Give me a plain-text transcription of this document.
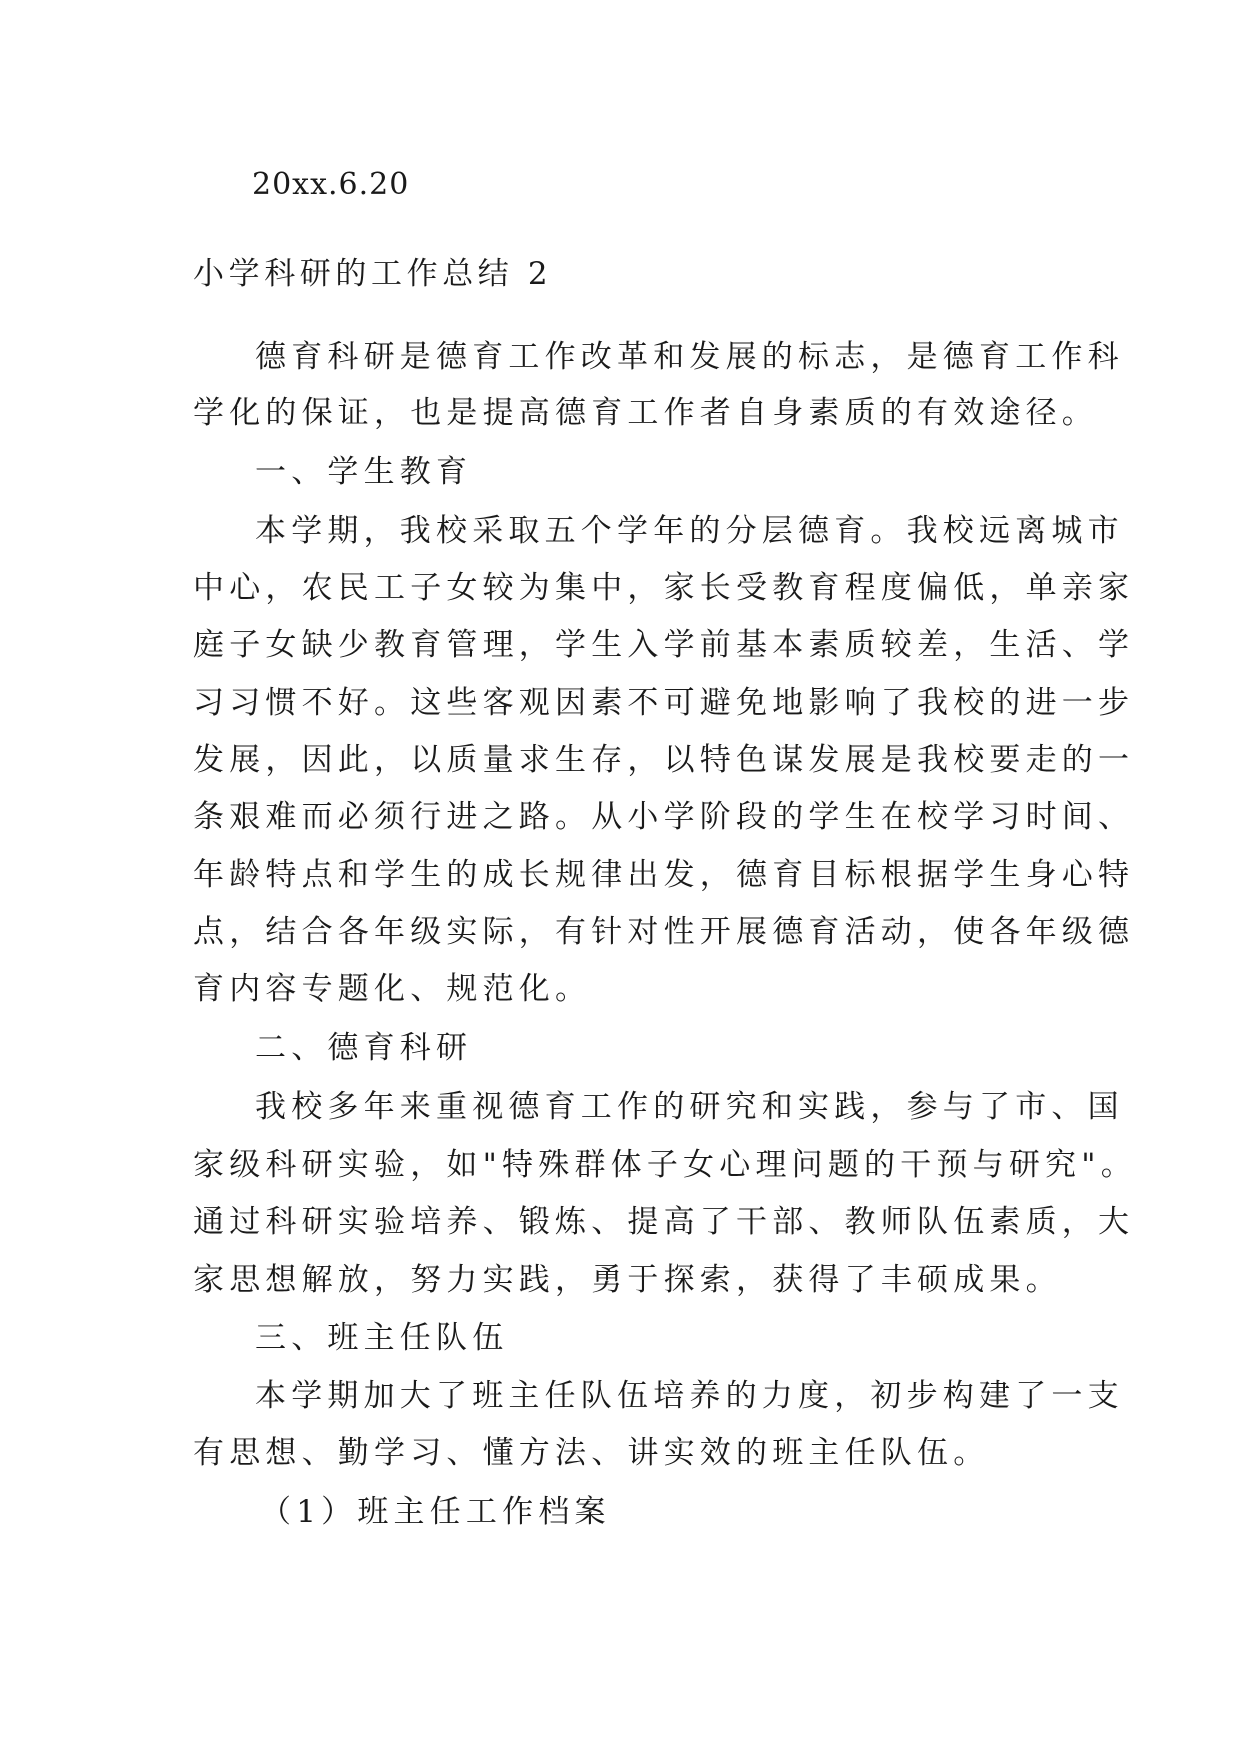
20xx.6.20
小学科研的工作总结 2
德育科研是德育工作改革和发展的标志，是德育工作科
学化的保证，也是提高德育工作者自身素质的有效途径。
一、学生教育
本学期，我校采取五个学年的分层德育。我校远离城市
中心，农民工子女较为集中，家长受教育程度偏低，单亲家
庭子女缺少教育管理，学生入学前基本素质较差，生活、学
习习惯不好。这些客观因素不可避免地影响了我校的进一步
发展，因此，以质量求生存，以特色谋发展是我校要走的一
条艰难而必须行进之路。从小学阶段的学生在校学习时间、
年龄特点和学生的成长规律出发，德育目标根据学生身心特
点，结合各年级实际，有针对性开展德育活动，使各年级德
育内容专题化、规范化。
二、德育科研
我校多年来重视德育工作的研究和实践，参与了市、国
家级科研实验，如"特殊群体子女心理问题的干预与研究"。
通过科研实验培养、锻炼、提高了干部、教师队伍素质，大
家思想解放，努力实践，勇于探索，获得了丰硕成果。
三、班主任队伍
本学期加大了班主任队伍培养的力度，初步构建了一支
有思想、勤学习、懂方法、讲实效的班主任队伍。
（1）班主任工作档案
